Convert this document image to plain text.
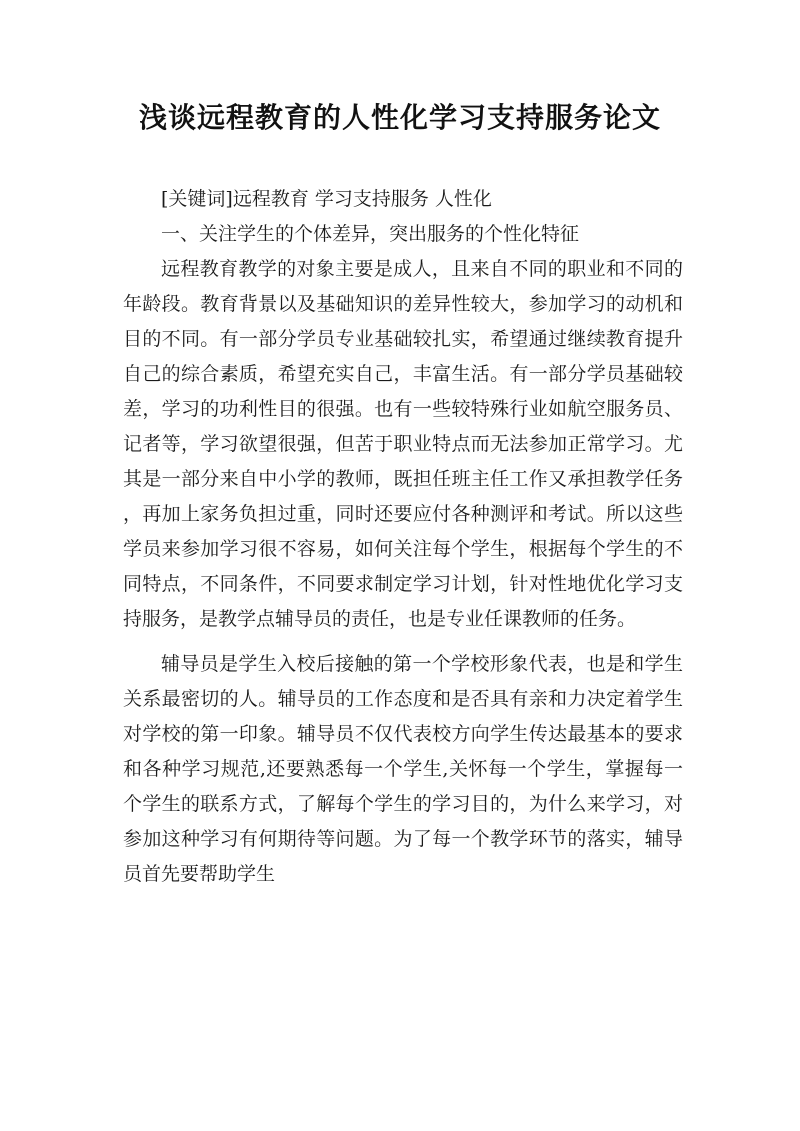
浅谈远程教育的人性化学习支持服务论文

[关键词]远程教育 学习支持服务 人性化

一、关注学生的个体差异，突出服务的个性化特征

远程教育教学的对象主要是成人，且来自不同的职业和不同的年龄段。教育背景以及基础知识的差异性较大，参加学习的动机和目的不同。有一部分学员专业基础较扎实，希望通过继续教育提升自己的综合素质，希望充实自己，丰富生活。有一部分学员基础较差，学习的功利性目的很强。也有一些较特殊行业如航空服务员、记者等，学习欲望很强，但苦于职业特点而无法参加正常学习。尤其是一部分来自中小学的教师，既担任班主任工作又承担教学任务，再加上家务负担过重，同时还要应付各种测评和考试。所以这些学员来参加学习很不容易，如何关注每个学生，根据每个学生的不同特点，不同条件，不同要求制定学习计划，针对性地优化学习支持服务，是教学点辅导员的责任，也是专业任课教师的任务。

辅导员是学生入校后接触的第一个学校形象代表，也是和学生关系最密切的人。辅导员的工作态度和是否具有亲和力决定着学生对学校的第一印象。辅导员不仅代表校方向学生传达最基本的要求和各种学习规范,还要熟悉每一个学生,关怀每一个学生，掌握每一个学生的联系方式，了解每个学生的学习目的，为什么来学习，对参加这种学习有何期待等问题。为了每一个教学环节的落实，辅导员首先要帮助学生
